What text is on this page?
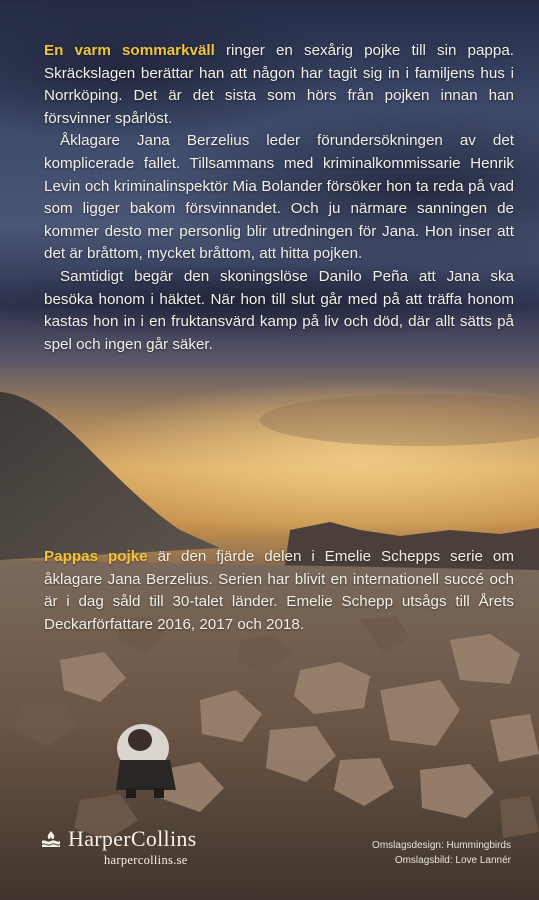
En varm sommarkväll ringer en sexårig pojke till sin pappa. Skräckslagen berättar han att någon har tagit sig in i familjens hus i Norrköping. Det är det sista som hörs från pojken innan han försvinner spårlöst.

Åklagare Jana Berzelius leder förundersökningen av det komplicerade fallet. Tillsammans med kriminalkommissarie Henrik Levin och kriminalinspektör Mia Bolander försöker hon ta reda på vad som ligger bakom försvinnandet. Och ju närmare sanningen de kommer desto mer personlig blir utredningen för Jana. Hon inser att det är bråttom, mycket bråttom, att hitta pojken.

Samtidigt begär den skoningslöse Danilo Peña att Jana ska besöka honom i häktet. När hon till slut går med på att träffa honom kastas hon in i en fruktansvärd kamp på liv och död, där allt sätts på spel och ingen går säker.

Pappas pojke är den fjärde delen i Emelie Schepps serie om åklagare Jana Berzelius. Serien har blivit en internationell succé och är i dag såld till 30-talet länder. Emelie Schepp utsågs till Årets Deckarförfattare 2016, 2017 och 2018.

HarperCollins
harpercollins.se
Omslagsdesign: Hummingbirds
Omslagsbild: Love Lannér
